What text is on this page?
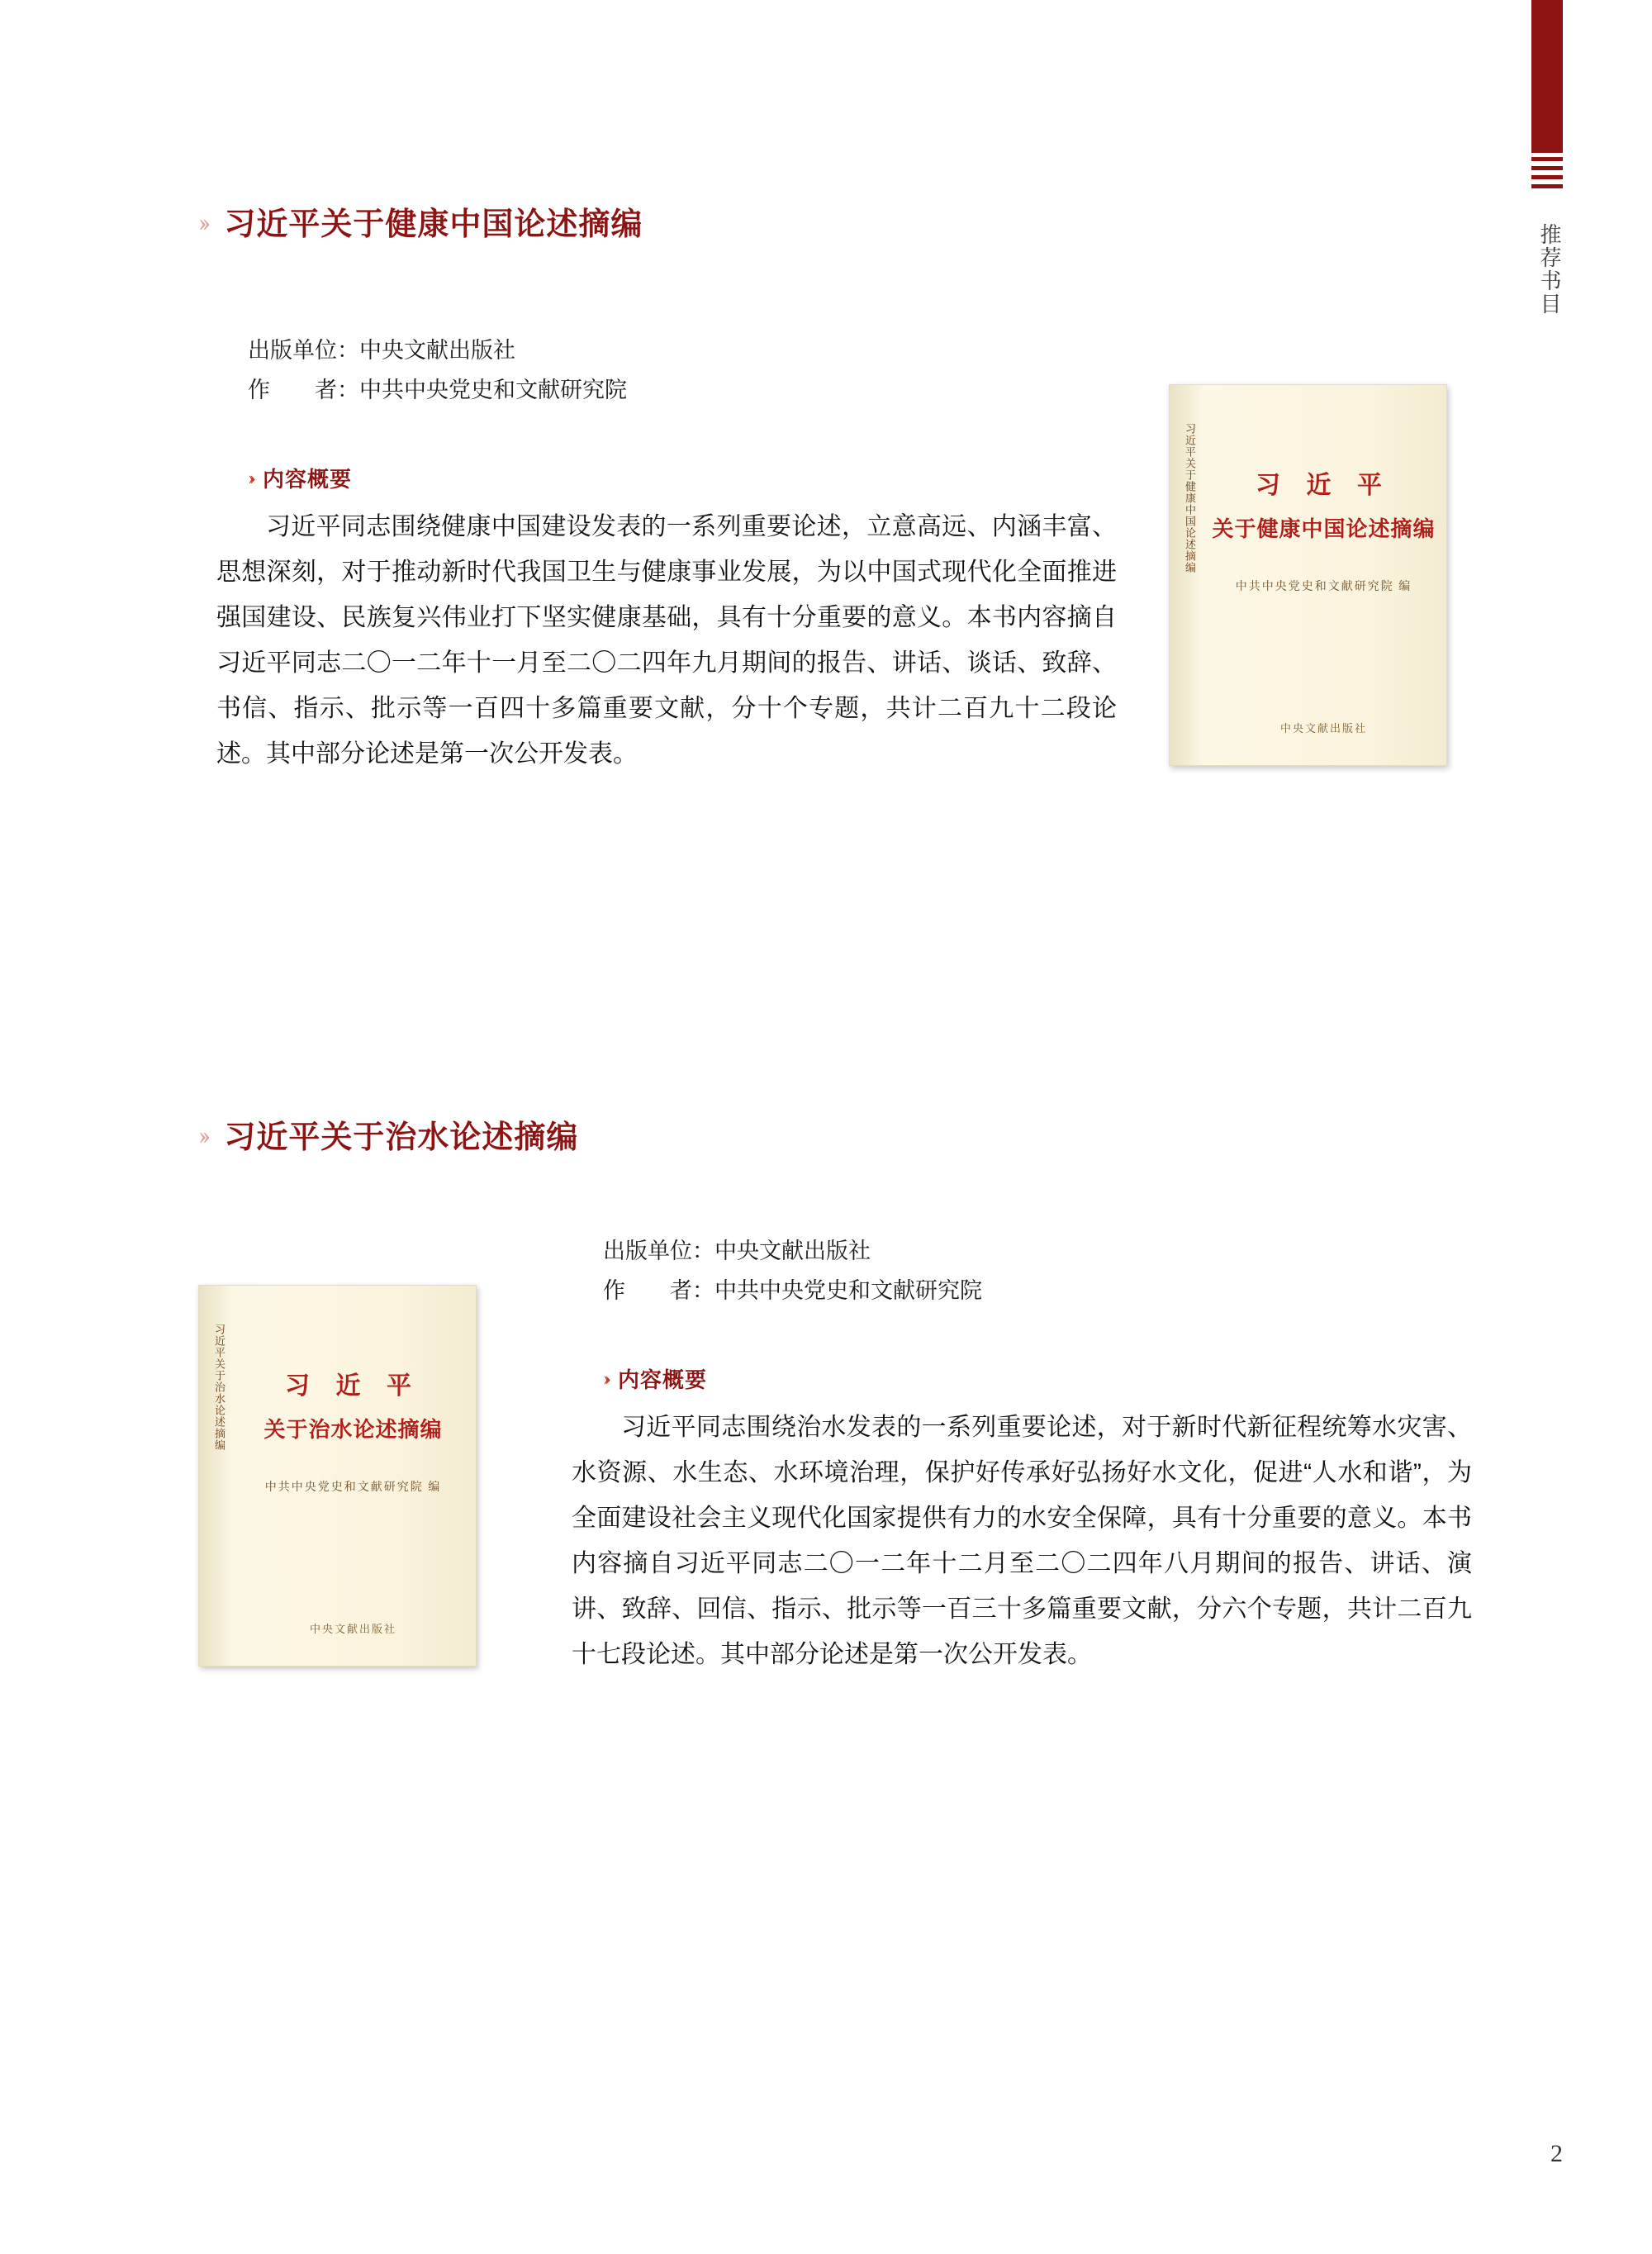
推荐书目
›› 习近平关于健康中国论述摘编
出版单位：中央文献出版社
作　　者：中共中央党史和文献研究院
›› 内容概要
习近平同志围绕健康中国建设发表的一系列重要论述，立意高远、内涵丰富、思想深刻，对于推动新时代我国卫生与健康事业发展，为以中国式现代化全面推进强国建设、民族复兴伟业打下坚实健康基础，具有十分重要的意义。本书内容摘自习近平同志二〇一二年十一月至二〇二四年九月期间的报告、讲话、谈话、致辞、书信、指示、批示等一百四十多篇重要文献，分十个专题，共计二百九十二段论述。其中部分论述是第一次公开发表。
习近平关于健康中国论述摘编	习 近 平
关于健康中国论述摘编
中共中央党史和文献研究院 编
中央文献出版社
›› 习近平关于治水论述摘编
出版单位：中央文献出版社
作　　者：中共中央党史和文献研究院
›› 内容概要
习近平同志围绕治水发表的一系列重要论述，对于新时代新征程统筹水灾害、水资源、水生态、水环境治理，保护好传承好弘扬好水文化，促进“人水和谐”，为全面建设社会主义现代化国家提供有力的水安全保障，具有十分重要的意义。本书内容摘自习近平同志二〇一二年十二月至二〇二四年八月期间的报告、讲话、演讲、致辞、回信、指示、批示等一百三十多篇重要文献，分六个专题，共计二百九十七段论述。其中部分论述是第一次公开发表。
习近平关于治水论述摘编	习 近 平
关于治水论述摘编
中共中央党史和文献研究院 编
中央文献出版社
2
